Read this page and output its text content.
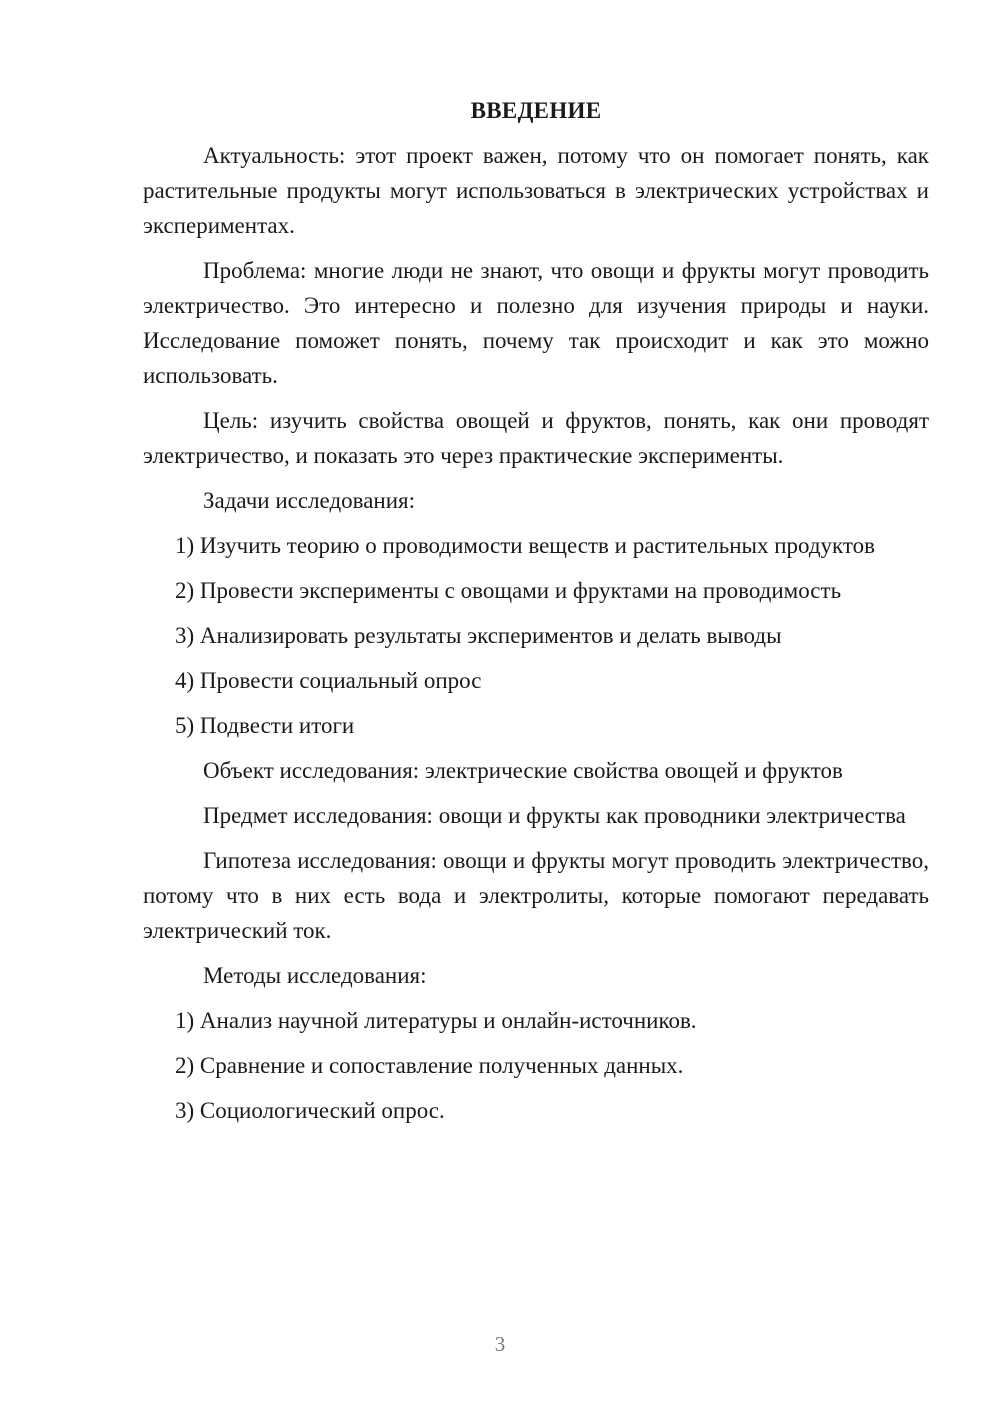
ВВЕДЕНИЕ

Актуальность: этот проект важен, потому что он помогает понять, как растительные продукты могут использоваться в электрических устройствах и экспериментах.

Проблема: многие люди не знают, что овощи и фрукты могут проводить электричество. Это интересно и полезно для изучения природы и науки. Исследование поможет понять, почему так происходит и как это можно использовать.

Цель: изучить свойства овощей и фруктов, понять, как они проводят электричество, и показать это через практические эксперименты.

Задачи исследования:

1) Изучить теорию о проводимости веществ и растительных продуктов

2) Провести эксперименты с овощами и фруктами на проводимость

3) Анализировать результаты экспериментов и делать выводы

4) Провести социальный опрос

5) Подвести итоги

Объект исследования: электрические свойства овощей и фруктов

Предмет исследования: овощи и фрукты как проводники электричества

Гипотеза исследования: овощи и фрукты могут проводить электричество, потому что в них есть вода и электролиты, которые помогают передавать электрический ток.

Методы исследования:

1) Анализ научной литературы и онлайн-источников.

2) Сравнение и сопоставление полученных данных.

3) Социологический опрос.

3
